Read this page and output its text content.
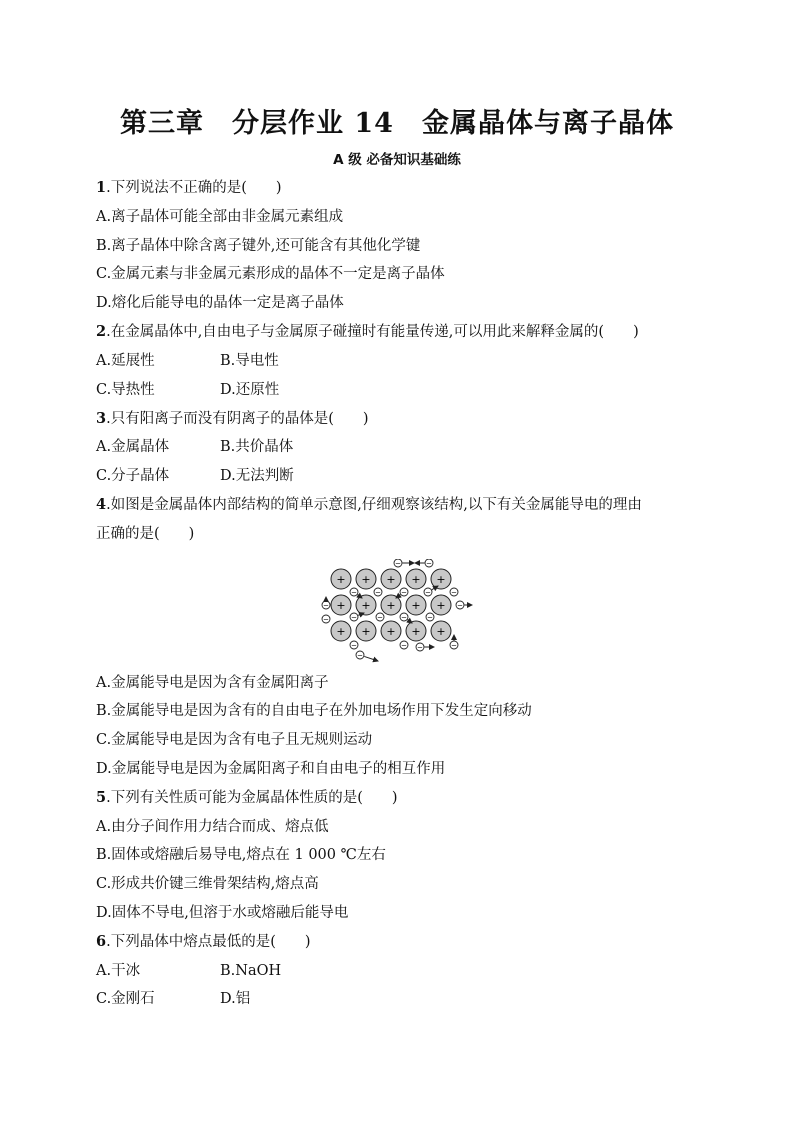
第三章　分层作业 14　金属晶体与离子晶体
A 级 必备知识基础练
1.下列说法不正确的是(　　)
A.离子晶体可能全部由非金属元素组成
B.离子晶体中除含离子键外,还可能含有其他化学键
C.金属元素与非金属元素形成的晶体不一定是离子晶体
D.熔化后能导电的晶体一定是离子晶体
2.在金属晶体中,自由电子与金属原子碰撞时有能量传递,可以用此来解释金属的(　　)
A.延展性	B.导电性
C.导热性	D.还原性
3.只有阳离子而没有阴离子的晶体是(　　)
A.金属晶体	B.共价晶体
C.分子晶体	D.无法判断
4.如图是金属晶体内部结构的简单示意图,仔细观察该结构,以下有关金属能导电的理由
正确的是(　　)
+ + + + +
+ + + + +
+ + + + +
−	−
−	−	−	−	−
−
−	−	−	−
−
−
−	− −	−
−
A.金属能导电是因为含有金属阳离子
B.金属能导电是因为含有的自由电子在外加电场作用下发生定向移动
C.金属能导电是因为含有电子且无规则运动
D.金属能导电是因为金属阳离子和自由电子的相互作用
5.下列有关性质可能为金属晶体性质的是(　　)
A.由分子间作用力结合而成、熔点低
B.固体或熔融后易导电,熔点在 1 000 ℃左右
C.形成共价键三维骨架结构,熔点高
D.固体不导电,但溶于水或熔融后能导电
6.下列晶体中熔点最低的是(　　)
A.干冰	B.NaOH
C.金刚石	D.铝
